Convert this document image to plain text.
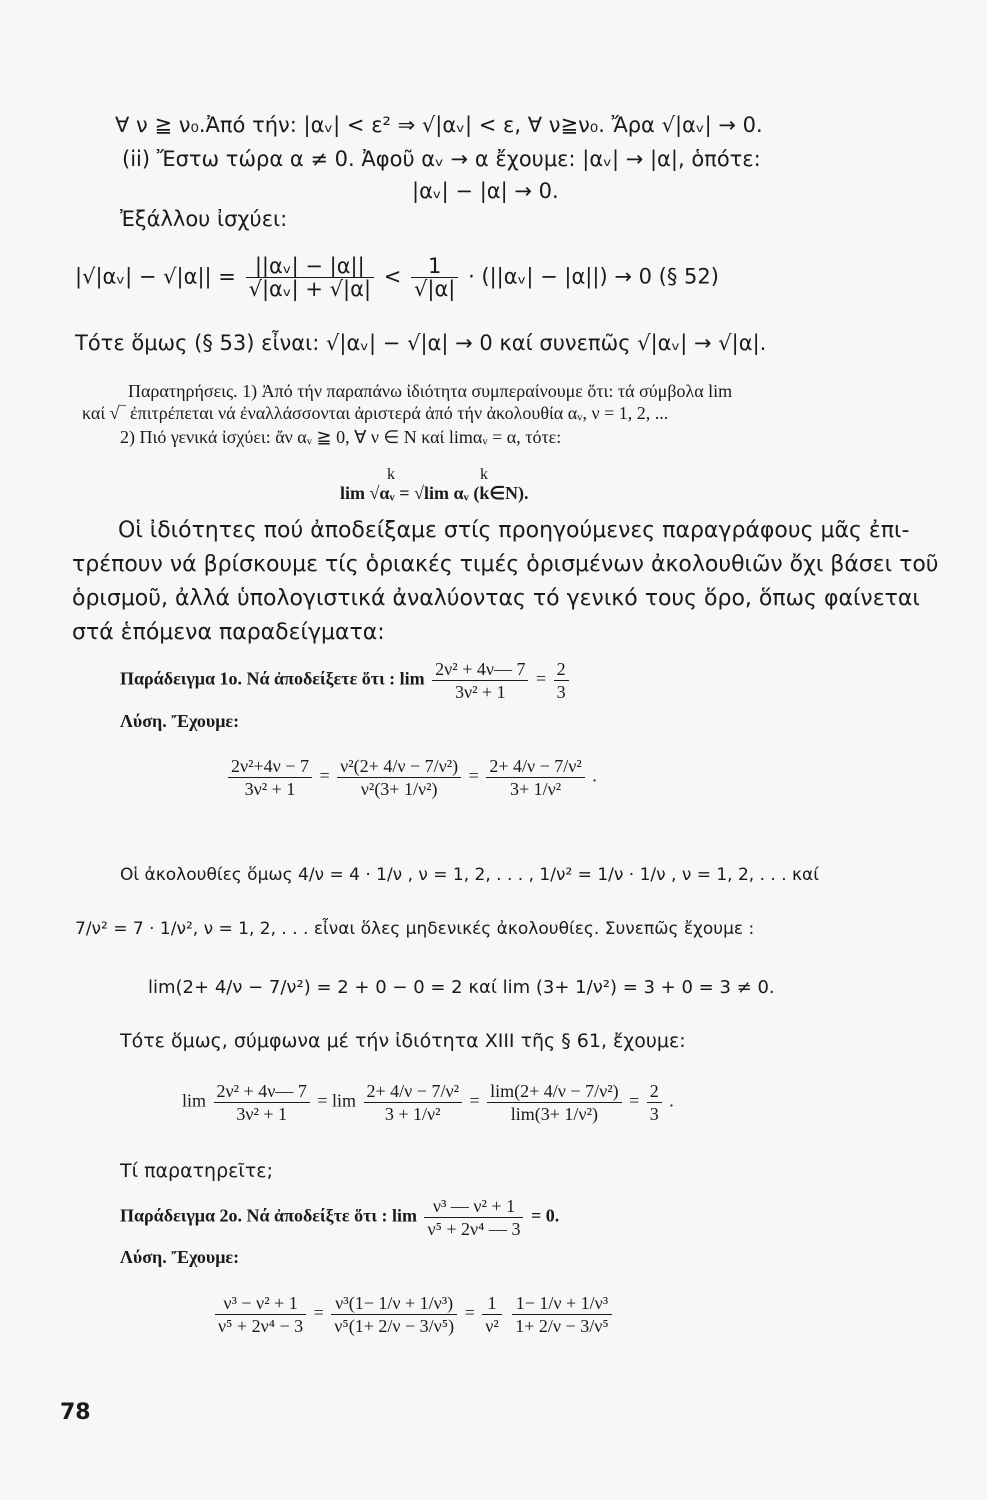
∀ ν ≧ ν₀.Ἀπό τήν: |αᵥ| < ε² ⇒ √|αᵥ| < ε, ∀ ν≧ν₀. Ἄρα √|αᵥ| → 0.
(ii) Ἔστω τώρα α ≠ 0. Ἀφοῦ αᵥ → α ἔχουμε: |αᵥ| → |α|, ὁπότε:
|αᵥ| − |α| → 0.
Ἐξάλλου ἰσχύει:
|√|αᵥ| − $√|\alpha|| = \frac{\text{||αᵥ| − |α||}}{\text{√|αᵥ| + √|α|}} < \frac{1}{√|\alpha|}$ · (||αᵥ| − |α||) → 0 (§ 52)
Τότε ὅμως (§ 53) εἶναι: √|αᵥ| − √|α| → 0 καί συνεπῶς √|αᵥ| → √|α|.
Παρατηρήσεις. 1) Ἀπό τήν παραπάνω ἰδιότητα συμπεραίνουμε ὅτι: τά σύμβολα lim
καί √‾ ἐπιτρέπεται νά ἐναλλάσσονται ἀριστερά ἀπό τήν ἀκολουθία αᵥ, ν = 1, 2, ...
2) Πιό γενικά ἰσχύει: ἄν αᵥ ≧ 0, ∀ ν ∈ N καί limαᵥ = α, τότε:
k	k
lim √αᵥ = √lim αᵥ (k∈N).
Οἱ ἰδιότητες πού ἀποδείξαμε στίς προηγούμενες παραγράφους μᾶς ἐπι-
τρέπουν νά βρίσκουμε τίς ὁριακές τιμές ὁρισμένων ἀκολουθιῶν ὄχι βάσει τοῦ
ὁρισμοῦ, ἀλλά ὑπολογιστικά ἀναλύοντας τό γενικό τους ὅρο, ὅπως φαίνεται
στά ἑπόμενα παραδείγματα:
Παράδειγμα 1ο. Νά ἀποδείξετε ὅτι : $\lim \frac{\text{2ν² + 4ν— 7}}{\text{3ν² + 1}} = \frac{2}{3}$
Λύση. Ἔχουμε:
$\frac{\text{2ν²+4ν − 7}}{\text{3ν² + 1}} = \frac{\text{ν²(2+ 4/ν − 7/ν²)}}{\text{ν²(3+ 1/ν²)}} = \frac{\text{2+ 4/ν − 7/ν²}}{\text{3+ 1/ν²}}$ .
Οἱ ἀκολουθίες ὅμως 4/ν = 4 · 1/ν , ν = 1, 2, . . . , 1/ν² = 1/ν · 1/ν , ν = 1, 2, . . . καί
7/ν² = 7 · 1/ν², ν = 1, 2, . . . εἶναι ὅλες μηδενικές ἀκολουθίες. Συνεπῶς ἔχουμε :
lim(2+ 4/ν − 7/ν²) = 2 + 0 − 0 = 2 καί lim (3+ 1/ν²) = 3 + 0 = 3 ≠ 0.
Τότε ὅμως, σύμφωνα μέ τήν ἰδιότητα XIII τῆς § 61, ἔχουμε:
$\lim \frac{\text{2ν² + 4ν— 7}}{\text{3ν² + 1}} = \lim \frac{\text{2+ 4/ν − 7/ν²}}{\text{3 + 1/ν²}} = \frac{\text{lim(2+ 4/ν − 7/ν²)}}{\text{lim(3+ 1/ν²)}} = \frac{2}{3}$ .
Τί παρατηρεῖτε;
Παράδειγμα 2ο. Νά ἀποδείξτε ὅτι : $\lim \frac{\text{ν³ — ν² + 1}}{\text{ν⁵ + 2ν⁴ — 3}} = 0$.
Λύση. Ἔχουμε:
$\frac{\text{ν³ − ν² + 1}}{\text{ν⁵ + 2ν⁴ − 3}} = \frac{\text{ν³(1− 1/ν + 1/ν³)}}{\text{ν⁵(1+ 2/ν − 3/ν⁵)}} = \frac{1}{\text{ν²}}$
$\frac{\text{1− 1/ν + 1/ν³}}{\text{1+ 2/ν − 3/ν⁵}}$
78
